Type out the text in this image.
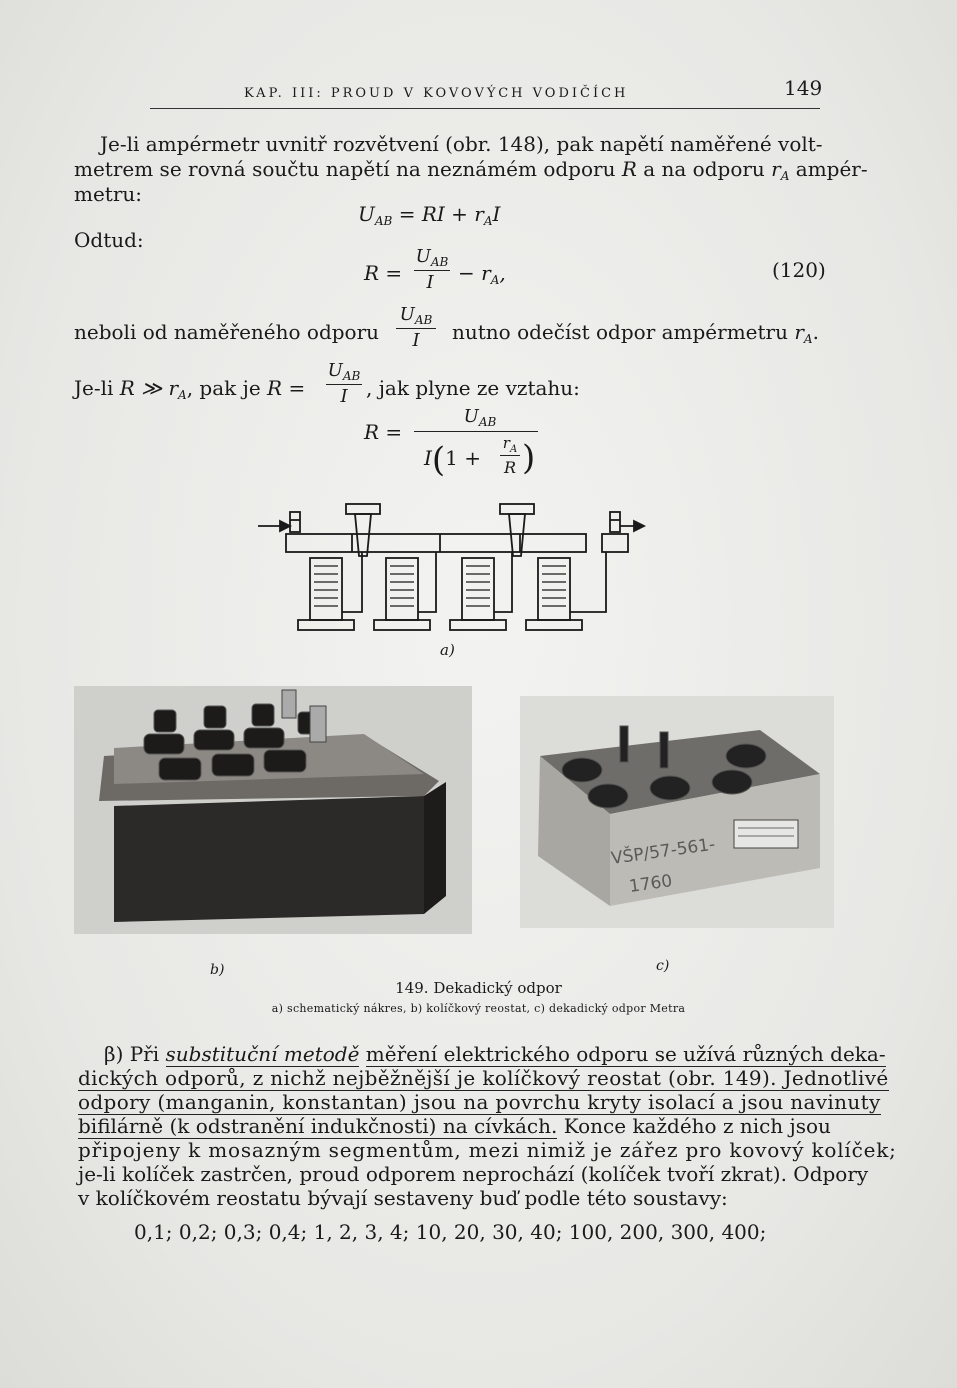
KAP. III: PROUD V KOVOVÝCH VODIČÍCH	149
Je-li ampérmetr uvnitř rozvětvení (obr. 148), pak napětí naměřené volt-
metrem se rovná součtu napětí na neznámém odporu R a na odporu $r_A$ ampér-
metru:
$U_{AB}$ = RI + $r_AI$
Odtud:
R =
$U_{AB}$
I	− $r_A$,	(120)
neboli od naměřeného odporu
$U_{AB}$
I	nutno odečíst odpor ampérmetru $r_A$.
Je-li R ≫ $r_A$, pak je R =
$U_{AB}$
I , jak plyne ze vztahu:
R =
$U_{AB}$
I(1 +
$r_A$
R )
a)
b)
VŠP/57-561-
1760
c)
149. Dekadický odpor
a) schematický nákres, b) kolíčkový reostat, c) dekadický odpor Metra
β) Při substituční metodě měření elektrického odporu se užívá různých deka-
dických odporů, z nichž nejběžnější je kolíčkový reostat (obr. 149). Jednotlivé
odpory (manganin, konstantan) jsou na povrchu kryty isolací a jsou navinuty
bifilárně (k odstranění indukčnosti) na cívkách. Konce každého z nich jsou
připojeny k mosazným segmentům, mezi nimiž je zářez pro kovový kolíček;
je-li kolíček zastrčen, proud odporem neprochází (kolíček tvoří zkrat). Odpory
v kolíčkovém reostatu bývají sestaveny buď podle této soustavy:
0,1; 0,2; 0,3; 0,4; 1, 2, 3, 4; 10, 20, 30, 40; 100, 200, 300, 400;
